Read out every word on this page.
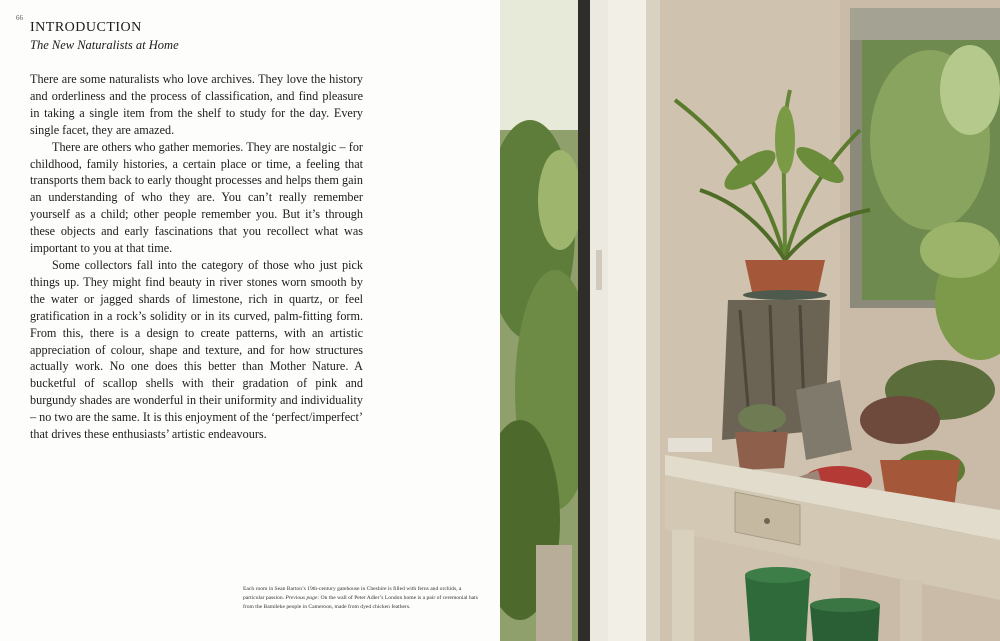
66
INTRODUCTION
The New Naturalists at Home

There are some naturalists who love archives. They love the history and orderliness and the process of classification, and find pleasure in taking a single item from the shelf to study for the day. Every single facet, they are amazed.

There are others who gather memories. They are nostalgic – for childhood, family histories, a certain place or time, a feeling that transports them back to early thought processes and helps them gain an understanding of who they are. You can’t really remember yourself as a child; other people remember you. But it’s through these objects and early fascinations that you recollect what was important to you at that time.

Some collectors fall into the category of those who just pick things up. They might find beauty in river stones worn smooth by the water or jagged shards of limestone, rich in quartz, or feel gratification in a rock’s solidity or in its curved, palm-fitting form. From this, there is a design to create patterns, with an artistic appreciation of colour, shape and texture, and for how structures actually work. No one does this better than Mother Nature. A bucketful of scallop shells with their gradation of pink and burgundy shades are wonderful in their uniformity and individuality – no two are the same. It is this enjoyment of the ‘perfect/imperfect’ that drives these enthusiasts’ artistic endeavours.

Each room in Sean Barton’s 19th-century gatehouse in Cheshire is filled with ferns and orchids, a particular passion. Previous page: On the wall of Peter Adler’s London home is a pair of ceremonial hats from the Bamileke people in Cameroon, made from dyed chicken feathers.
